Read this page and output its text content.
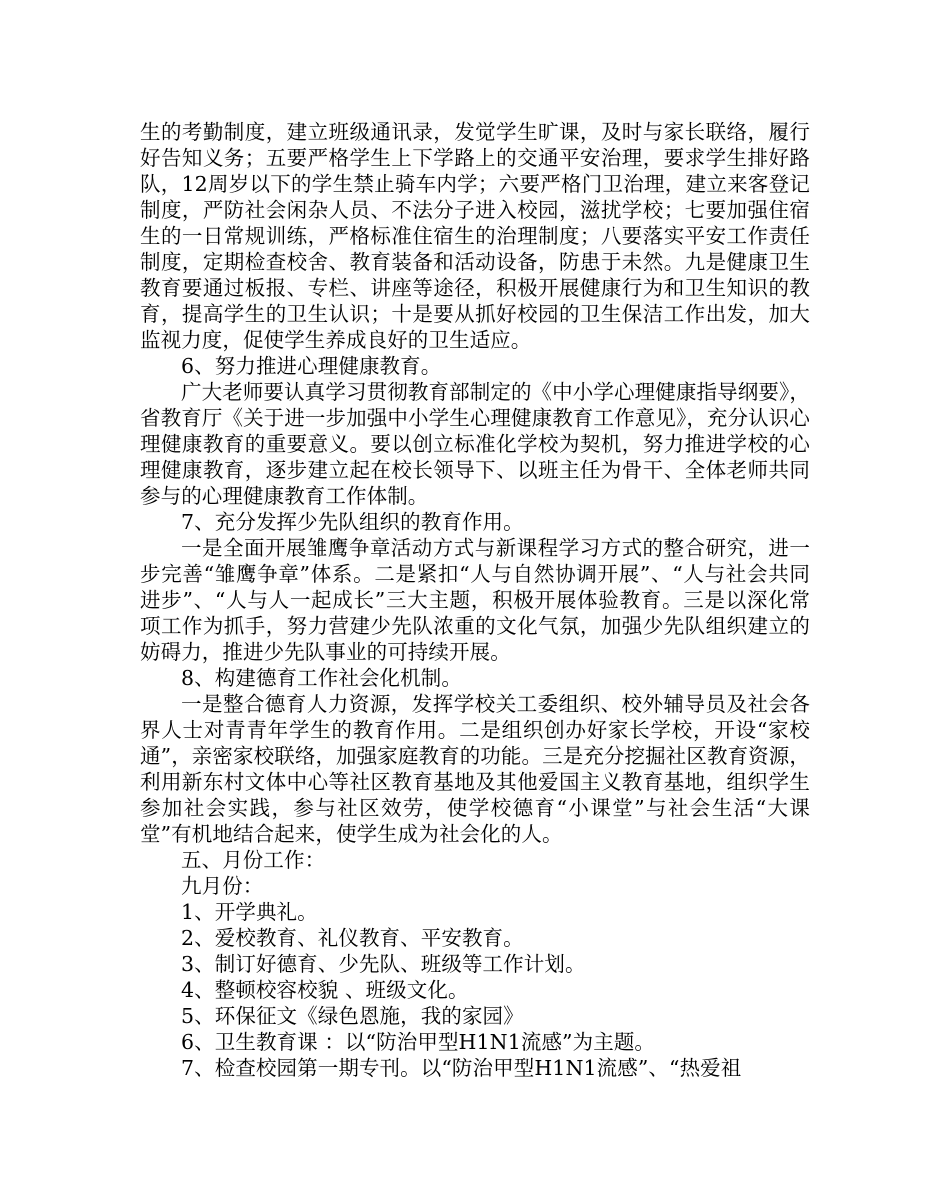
生的考勤制度，建立班级通讯录，发觉学生旷课，及时与家长联络，履行好告知义务；五要严格学生上下学路上的交通平安治理，要求学生排好路队，12周岁以下的学生禁止骑车内学；六要严格门卫治理，建立来客登记制度，严防社会闲杂人员、不法分子进入校园，滋扰学校；七要加强住宿生的一日常规训练，严格标准住宿生的治理制度；八要落实平安工作责任制度，定期检查校舍、教育装备和活动设备，防患于未然。九是健康卫生教育要通过板报、专栏、讲座等途径，积极开展健康行为和卫生知识的教育，提高学生的卫生认识；十是要从抓好校园的卫生保洁工作出发，加大监视力度，促使学生养成良好的卫生适应。

6、努力推进心理健康教育。

广大老师要认真学习贯彻教育部制定的《中小学心理健康指导纲要》，省教育厅《关于进一步加强中小学生心理健康教育工作意见》，充分认识心理健康教育的重要意义。要以创立标准化学校为契机，努力推进学校的心理健康教育，逐步建立起在校长领导下、以班主任为骨干、全体老师共同参与的心理健康教育工作体制。

7、充分发挥少先队组织的教育作用。

一是全面开展雏鹰争章活动方式与新课程学习方式的整合研究，进一步完善“雏鹰争章”体系。二是紧扣“人与自然协调开展”、“人与社会共同进步”、“人与人一起成长”三大主题，积极开展体验教育。三是以深化常项工作为抓手，努力营建少先队浓重的文化气氛，加强少先队组织建立的妨碍力，推进少先队事业的可持续开展。

8、构建德育工作社会化机制。

一是整合德育人力资源，发挥学校关工委组织、校外辅导员及社会各界人士对青青年学生的教育作用。二是组织创办好家长学校，开设“家校通”，亲密家校联络，加强家庭教育的功能。三是充分挖掘社区教育资源，利用新东村文体中心等社区教育基地及其他爱国主义教育基地，组织学生参加社会实践，参与社区效劳，使学校德育“小课堂”与社会生活“大课堂”有机地结合起来，使学生成为社会化的人。

五、月份工作：

九月份：

1、开学典礼。

2、爱校教育、礼仪教育、平安教育。

3、制订好德育、少先队、班级等工作计划。

4、整顿校容校貌 、班级文化。

5、环保征文《绿色恩施，我的家园》

6、卫生教育课 ：以“防治甲型H1N1流感”为主题。

7、检查校园第一期专刊。以“防治甲型H1N1流感”、“热爱祖
